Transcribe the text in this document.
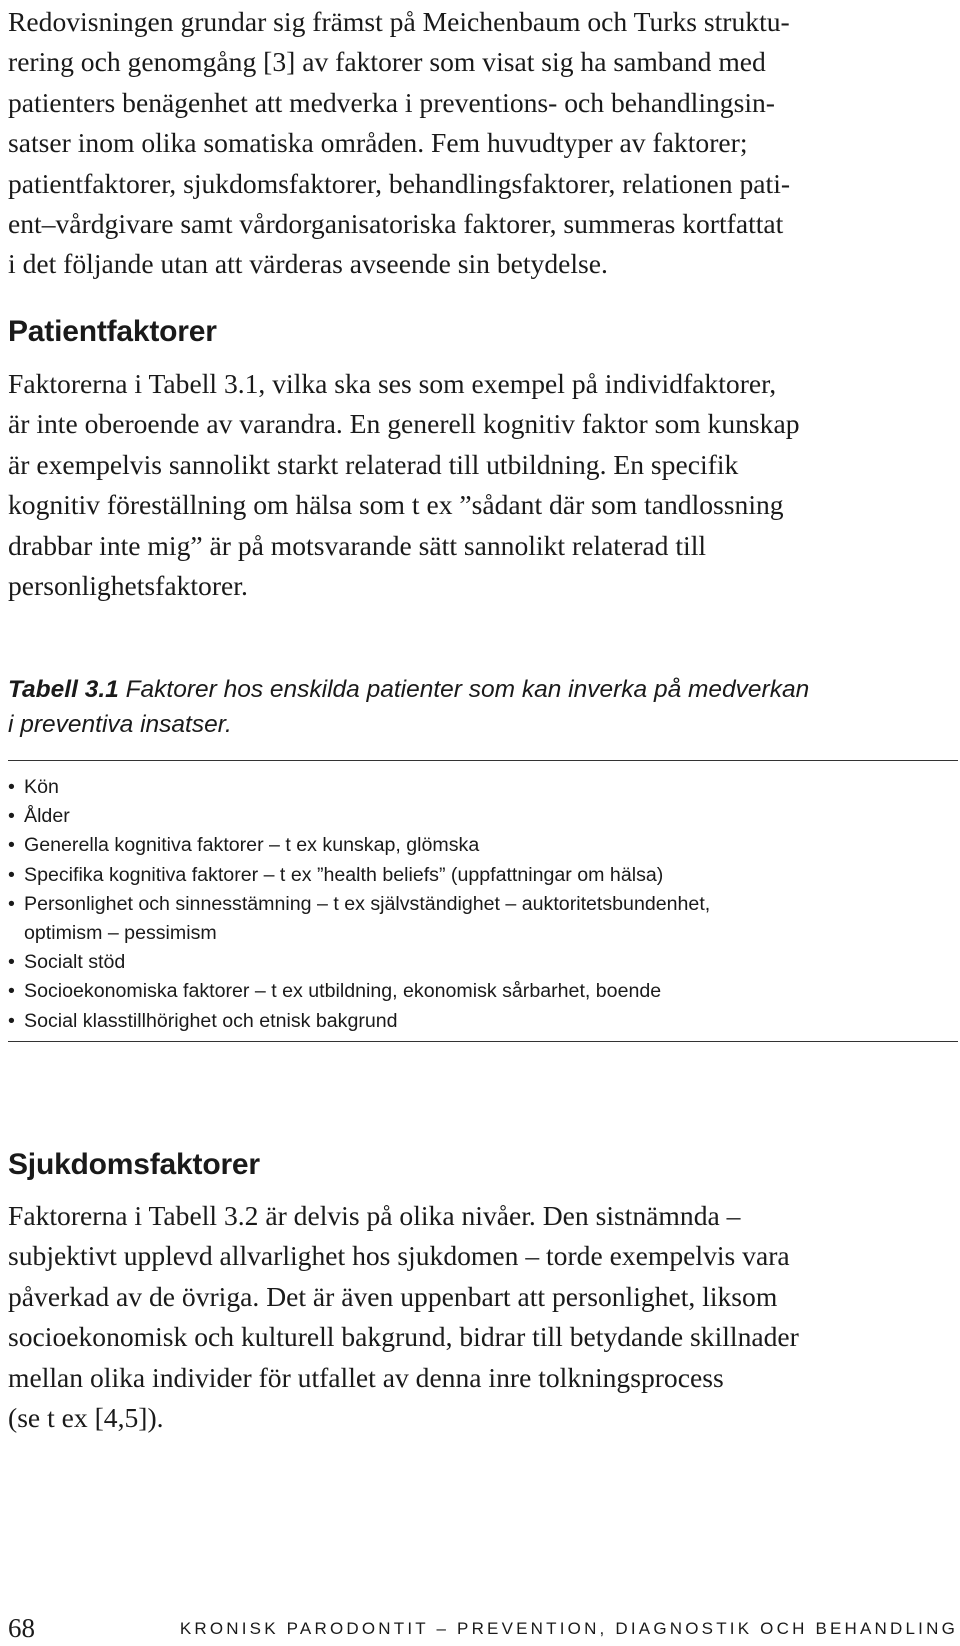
Redovisningen grundar sig främst på Meichenbaum och Turks struktu-

rering och genomgång [3] av faktorer som visat sig ha samband med

patienters benägenhet att medverka i preventions- och behandlingsin-

satser inom olika somatiska områden. Fem huvudtyper av faktorer;

patientfaktorer, sjukdomsfaktorer, behandlingsfaktorer, relationen pati-

ent–vårdgivare samt vårdorganisatoriska faktorer, summeras kortfattat

i det följande utan att värderas avseende sin betydelse.

Patientfaktorer

Faktorerna i Tabell 3.1, vilka ska ses som exempel på individfaktorer,

är inte oberoende av varandra. En generell kognitiv faktor som kunskap

är exempelvis sannolikt starkt relaterad till utbildning. En specifik

kognitiv föreställning om hälsa som t ex ”sådant där som tandlossning

drabbar inte mig” är på motsvarande sätt sannolikt relaterad till

personlighetsfaktorer.

Tabell 3.1 Faktorer hos enskilda patienter som kan inverka på medverkan
i preventiva insatser.

• Kön
• Ålder
• Generella kognitiva faktorer – t ex kunskap, glömska
• Specifika kognitiva faktorer – t ex ”health beliefs” (uppfattningar om hälsa)
• Personlighet och sinnesstämning – t ex självständighet – auktoritetsbundenhet,
optimism – pessimism
• Socialt stöd
• Socioekonomiska faktorer – t ex utbildning, ekonomisk sårbarhet, boende
• Social klasstillhörighet och etnisk bakgrund
Sjukdomsfaktorer

Faktorerna i Tabell 3.2 är delvis på olika nivåer. Den sistnämnda –

subjektivt upplevd allvarlighet hos sjukdomen – torde exempelvis vara

påverkad av de övriga. Det är även uppenbart att personlighet, liksom

socioekonomisk och kulturell bakgrund, bidrar till betydande skillnader

mellan olika individer för utfallet av denna inre tolkningsprocess

(se t ex [4,5]).

68	KRONISK PARODONTIT – PREVENTION, DIAGNOSTIK OCH BEHANDLING
